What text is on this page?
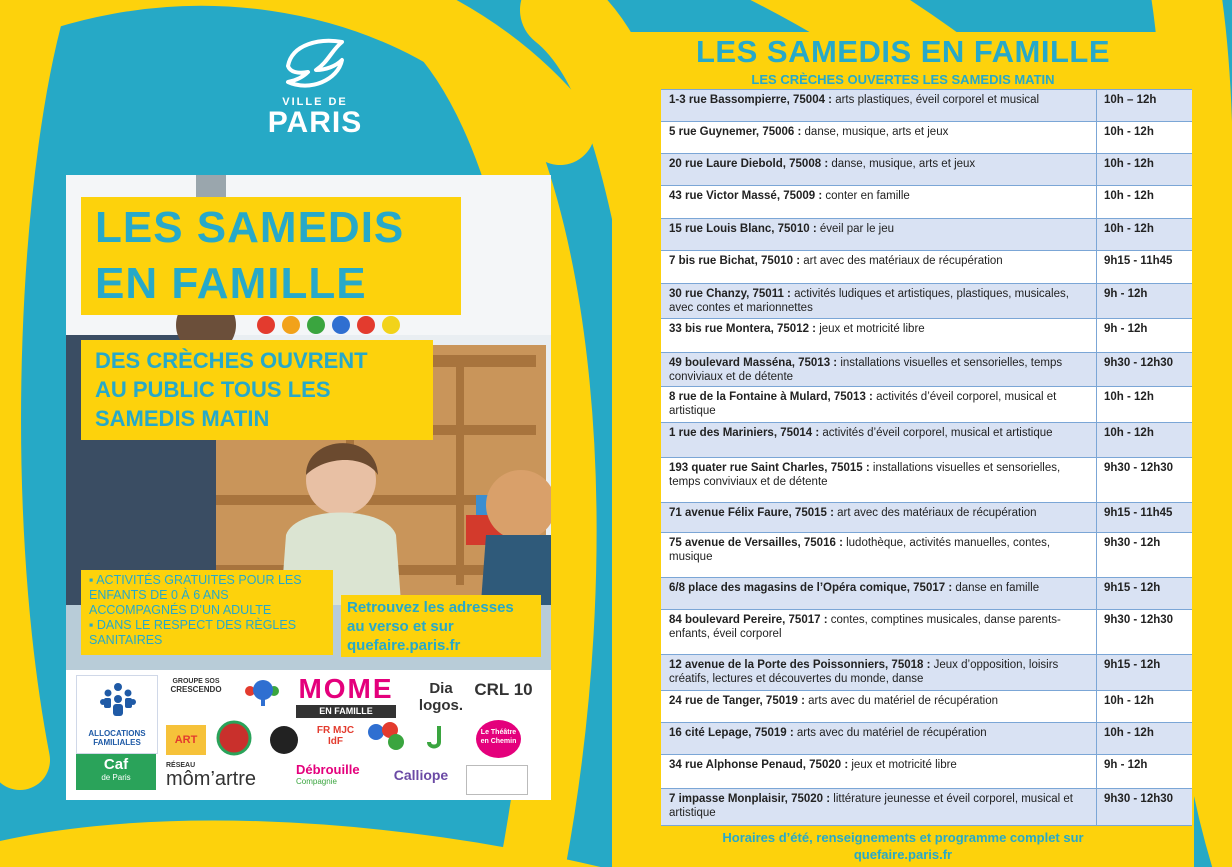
VILLE DE
PARIS
LES SAMEDIS
EN FAMILLE
DES CRÈCHES OUVRENT
AU PUBLIC TOUS LES
SAMEDIS MATIN
▪ ACTIVITÉS GRATUITES POUR LES ENFANTS DE 0 À 6 ANS ACCOMPAGNÉS D’UN ADULTE
▪ DANS LE RESPECT DES RÈGLES SANITAIRES
Retrouvez les adresses
au verso et sur
quefaire.paris.fr
ALLOCATIONS
FAMILIALES
Caf
de Paris
GROUPE SOS
CRESCENDO	MOME
EN FAMILLE
Dia logos.
CRL 10
ART
FR MJC IdF
Le Théâtre en Chemin
RÉSEAU
môm’artre	Débrouille
Compagnie	Calliope
LES SAMEDIS EN FAMILLE
LES CRÈCHES OUVERTES LES SAMEDIS MATIN
1-3 rue Bassompierre, 75004 : arts plastiques, éveil corporel et musical	10h – 12h
5 rue Guynemer, 75006 : danse, musique, arts et jeux	10h - 12h
20 rue Laure Diebold, 75008 : danse, musique, arts et jeux	10h - 12h
43 rue Victor Massé, 75009 : conter en famille	10h - 12h
15 rue Louis Blanc, 75010 : éveil par le jeu	10h - 12h
7 bis rue Bichat, 75010 : art avec des matériaux de récupération	9h15 - 11h45
30 rue Chanzy, 75011 : activités ludiques et artistiques, plastiques, musicales, avec contes et marionnettes
9h - 12h
33 bis rue Montera, 75012 : jeux et motricité libre	9h - 12h
49 boulevard Masséna, 75013 : installations visuelles et sensorielles, temps conviviaux et de détente
9h30 - 12h30
8 rue de la Fontaine à Mulard, 75013 : activités d’éveil corporel, musical et artistique
10h - 12h
1 rue des Mariniers, 75014 : activités d’éveil corporel, musical et artistique	10h - 12h
193 quater rue Saint Charles, 75015 : installations visuelles et sensorielles, temps conviviaux et de détente
9h30 - 12h30
71 avenue Félix Faure, 75015 : art avec des matériaux de récupération	9h15 - 11h45
75 avenue de Versailles, 75016 : ludothèque, activités manuelles, contes, musique
9h30 - 12h
6/8 place des magasins de l’Opéra comique, 75017 : danse en famille	9h15 - 12h
84 boulevard Pereire, 75017 : contes, comptines musicales, danse parents-enfants, éveil corporel
9h30 - 12h30
12 avenue de la Porte des Poissonniers, 75018 : Jeux d’opposition, loisirs créatifs, lectures et découvertes du monde, danse
9h15 - 12h
24 rue de Tanger, 75019 : arts avec du matériel de récupération	10h - 12h
16 cité Lepage, 75019 : arts avec du matériel de récupération	10h - 12h
34 rue Alphonse Penaud, 75020 : jeux et motricité libre	9h - 12h
7 impasse Monplaisir, 75020 : littérature jeunesse et éveil corporel, musical et artistique
9h30 - 12h30
Horaires d’été, renseignements et programme complet sur
quefaire.paris.fr
